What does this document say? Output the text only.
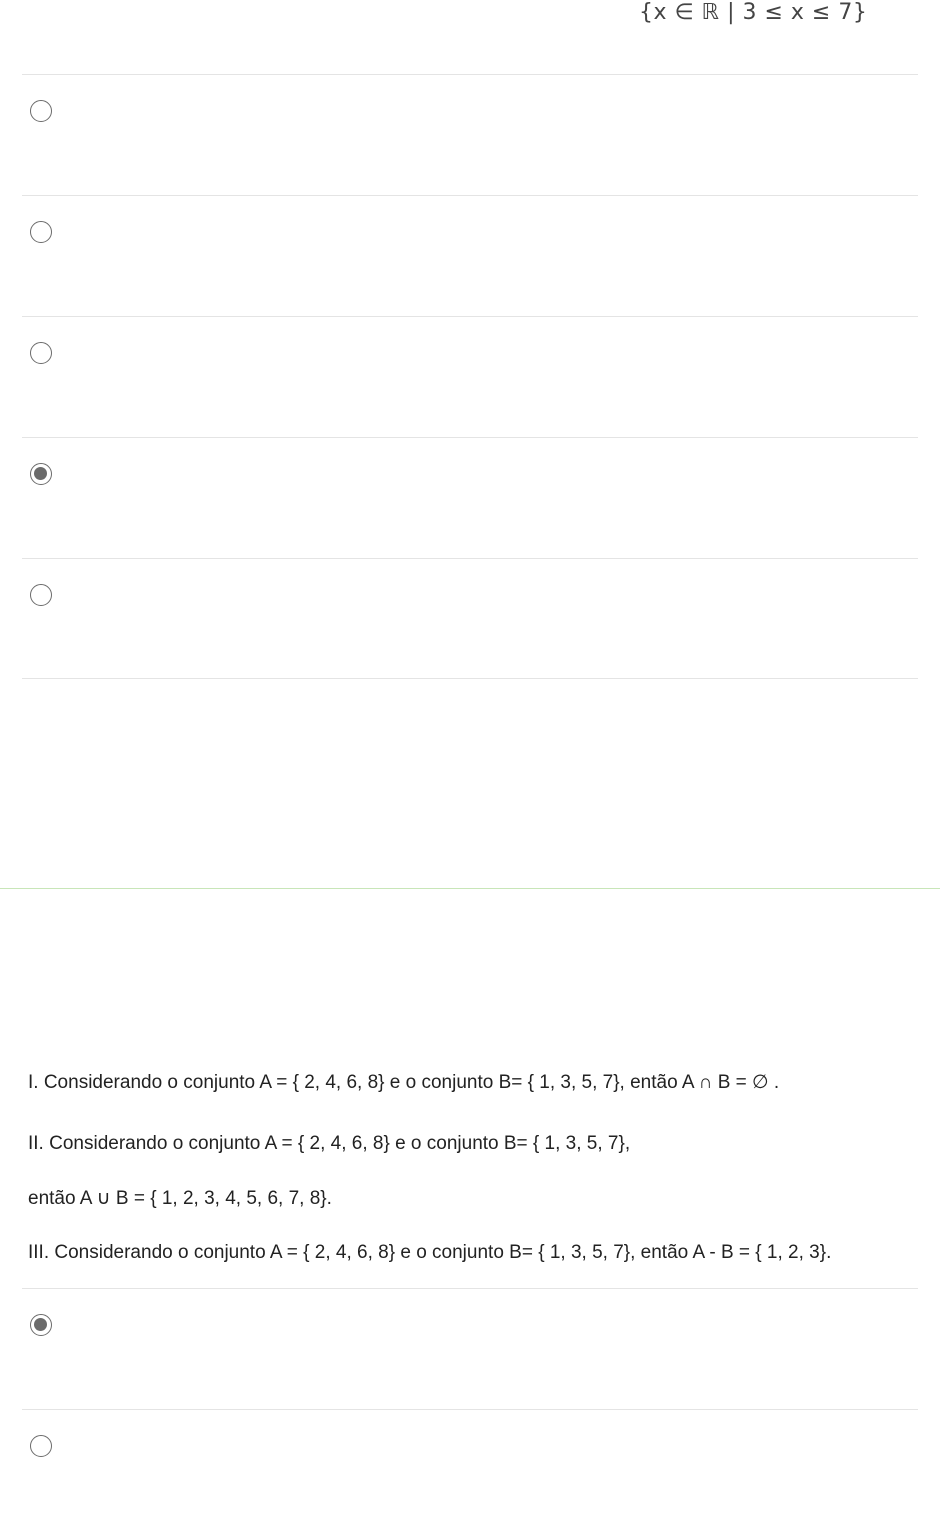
{x ∈ ℝ | 3 ≤ x ≤ 7}
I. Considerando o conjunto A = { 2, 4, 6, 8} e o conjunto B= { 1, 3, 5, 7}, então A ∩ B = ∅ .
II. Considerando o conjunto A = { 2, 4, 6, 8} e o conjunto B= { 1, 3, 5, 7},
então A ∪ B = { 1, 2, 3, 4, 5, 6, 7, 8}.
III. Considerando o conjunto A = { 2, 4, 6, 8} e o conjunto B= { 1, 3, 5, 7}, então A - B = { 1, 2, 3}.
